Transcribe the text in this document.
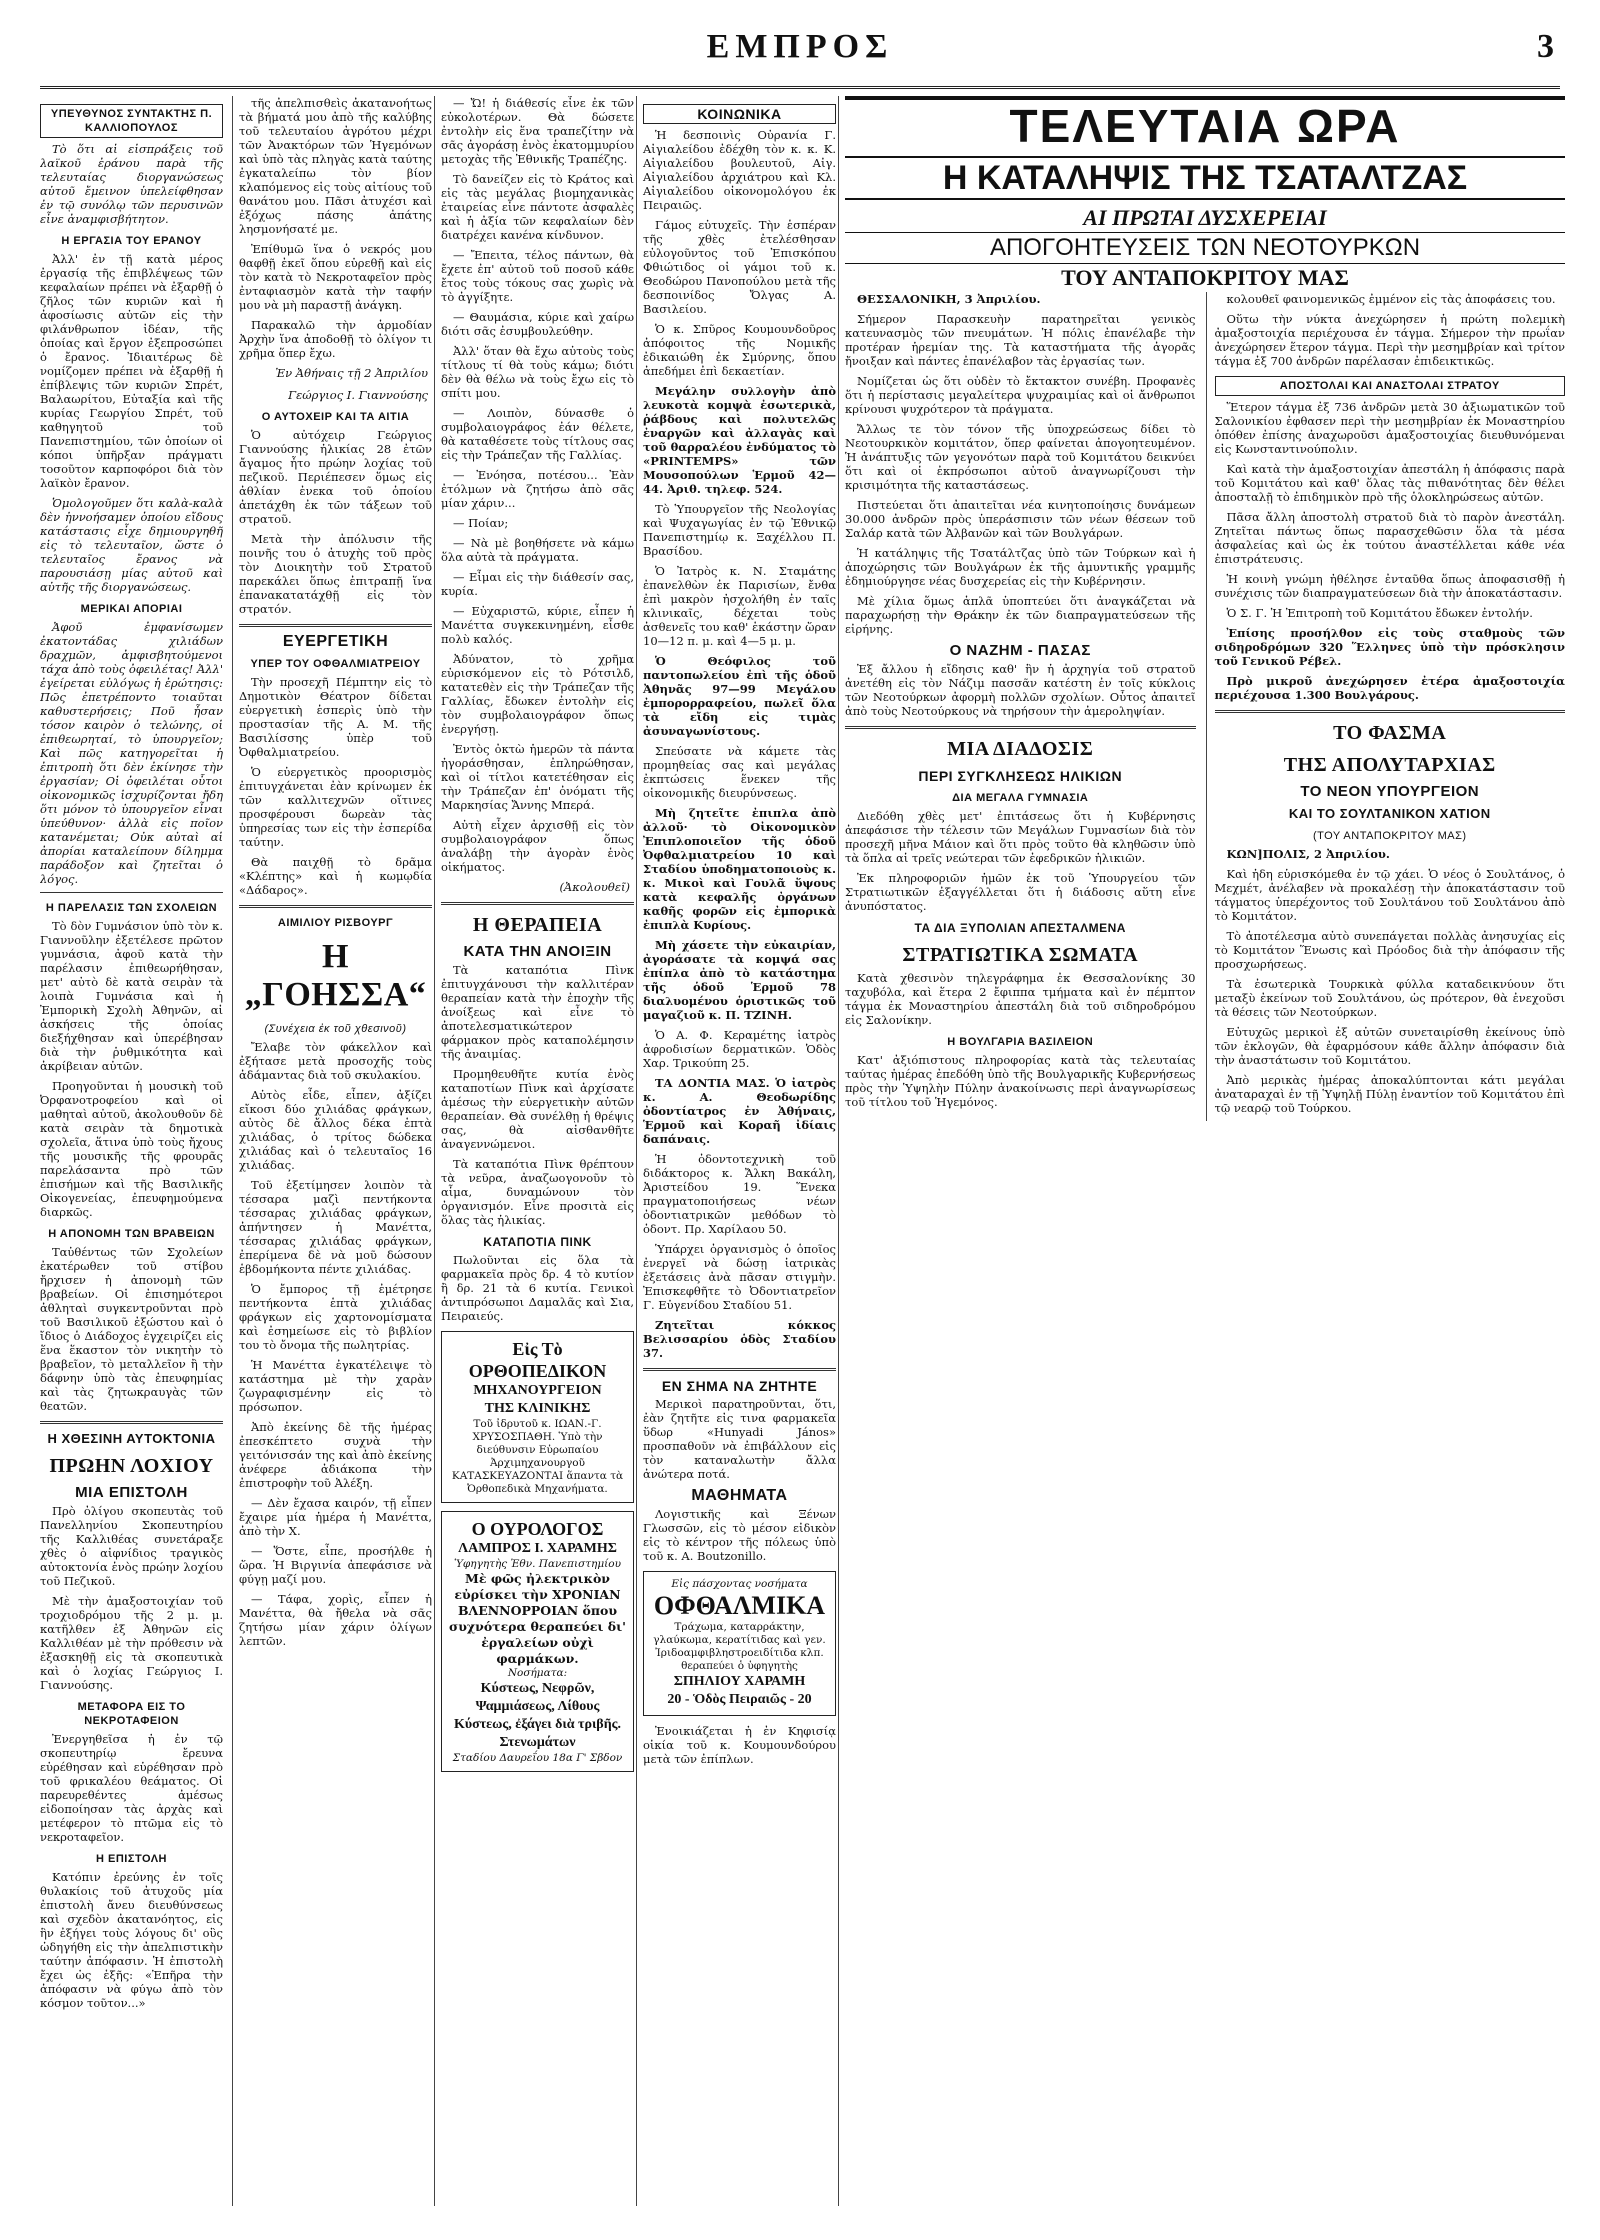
ΕΜΠΡΟΣ	3
ΥΠΕΥΘΥΝΟΣ ΣΥΝΤΑΚΤΗΣ Π. ΚΑΛΛΙΟΠΟΥΛΟΣ

Τὸ ὅτι αἱ εἰσπράξεις τοῦ λαϊκοῦ ἐράνου παρὰ τῆς τελευταίας διοργανώσεως αὐτοῦ ἔμεινον ὑπελείφθησαν ἐν τῷ συνόλῳ τῶν περυσινῶν εἶνε ἀναμφισβήτητον.

Η ΕΡΓΑΣΙΑ ΤΟΥ ΕΡΑΝΟΥ

Ἀλλ' ἐν τῇ κατὰ μέρος ἐργασίᾳ τῆς ἐπιβλέψεως τῶν κεφαλαίων πρέπει νὰ ἐξαρθῇ ὁ ζῆλος τῶν κυριῶν καὶ ἡ ἀφοσίωσις αὐτῶν εἰς τὴν φιλάνθρωπον ἰδέαν, τῆς ὁποίας καὶ ἔργον ἐξεπροσώπει ὁ ἔρανος. Ἰδιαιτέρως δὲ νομίζομεν πρέπει νὰ ἐξαρθῇ ἡ ἐπίβλεψις τῶν κυριῶν Σπρέτ, Βαλαωρίτου, Εὐταξία καὶ τῆς κυρίας Γεωργίου Σπρέτ, τοῦ καθηγητοῦ τοῦ Πανεπιστημίου, τῶν ὁποίων οἱ κόποι ὑπῆρξαν πράγματι τοσοῦτον καρποφόροι διὰ τὸν λαϊκὸν ἔρανον.

Ὁμολογοῦμεν ὅτι καλὰ-καλὰ δὲν ἠννοήσαμεν ὁποίου εἴδους κατάστασις εἶχε δημιουργηθῆ εἰς τὸ τελευταῖον, ὥστε ὁ τελευταῖος ἔρανος νὰ παρουσιάσῃ μίας αὐτοῦ καὶ αὐτῆς τῆς διοργανώσεως.

ΜΕΡΙΚΑΙ ΑΠΟΡΙΑΙ

Ἀφοῦ ἐμφανίσωμεν ἐκατοντάδας χιλιάδων δραχμῶν, ἀμφισβητούμενοι τάχα ἀπὸ τοὺς ὀφειλέτας! Ἀλλ' ἐγείρεται εὐλόγως ἡ ἐρώτησις: Πῶς ἐπετρέποντο τοιαῦται καθυστερήσεις; Ποῦ ἦσαν τόσον καιρὸν ὁ τελώνης, οἱ ἐπιθεωρηταί, τὸ ὑπουργεῖον; Καὶ πῶς κατηγορεῖται ἡ ἐπιτροπὴ ὅτι δὲν ἐκίνησε τὴν ἐργασίαν; Οἱ ὀφειλέται οὗτοι οἰκονομικῶς ἰσχυρίζονται ἤδη ὅτι μόνον τὸ ὑπουργεῖον εἶναι ὑπεύθυνον· ἀλλὰ εἰς ποῖον κατανέμεται; Οὐκ αὐταὶ αἱ ἀπορίαι καταλείπουν δίλημμα παράδοξον καὶ ζητεῖται ὁ λόγος.

Η ΠΑΡΕΛΑΣΙΣ ΤΩΝ ΣΧΟΛΕΙΩΝ

Τὸ δὸν Γυμνάσιον ὑπὸ τὸν κ. Γιαννοῦλην ἐξετέλεσε πρῶτον γυμνάσια, ἀφοῦ κατὰ τὴν παρέλασιν ἐπιθεωρήθησαν, μετ' αὐτὸ δὲ κατὰ σειρὰν τὰ λοιπὰ Γυμνάσια καὶ ἡ Ἐμπορικὴ Σχολὴ Ἀθηνῶν, αἱ ἀσκήσεις τῆς ὁποίας διεξήχθησαν καὶ ὑπερέβησαν διὰ τὴν ῥυθμικότητα καὶ ἀκρίβειαν αὐτῶν.

Προηγοῦνται ἡ μουσικὴ τοῦ Ὀρφανοτροφείου καὶ οἱ μαθηταὶ αὐτοῦ, ἀκολουθοῦν δὲ κατὰ σειρὰν τὰ δημοτικὰ σχολεῖα, ἅτινα ὑπὸ τοὺς ἤχους τῆς μουσικῆς τῆς φρουρᾶς παρελάσαντα πρὸ τῶν ἐπισήμων καὶ τῆς Βασιλικῆς Οἰκογενείας, ἐπευφημούμενα διαρκῶς.

Η ΑΠΟΝΟΜΗ ΤΩΝ ΒΡΑΒΕΙΩΝ

Ταὐθέντως τῶν Σχολείων ἐκατέρωθεν τοῦ στίβου ἤρχισεν ἡ ἀπονομὴ τῶν βραβείων. Οἱ ἐπισημότεροι ἀθληταὶ συγκεντροῦνται πρὸ τοῦ Βασιλικοῦ ἐξώστου καὶ ὁ ἴδιος ὁ Διάδοχος ἐγχειρίζει εἰς ἕνα ἕκαστον τὸν νικητὴν τὸ βραβεῖον, τὸ μεταλλεῖον ἢ τὴν δάφνην ὑπὸ τὰς ἐπευφημίας καὶ τὰς ζητωκραυγὰς τῶν θεατῶν.

Η ΧΘΕΣΙΝΗ ΑΥΤΟΚΤΟΝΙΑ
ΠΡΩΗΝ ΛΟΧΙΟΥ
ΜΙΑ ΕΠΙΣΤΟΛΗ

Πρὸ ὀλίγου σκοπευτὰς τοῦ Πανελληνίου Σκοπευτηρίου τῆς Καλλιθέας συνετάραξε χθὲς ὁ αἰφνίδιος τραγικὸς αὐτοκτονία ἑνὸς πρώην λοχίου τοῦ Πεζικοῦ.

Μὲ τὴν ἀμαξοστοιχίαν τοῦ τροχιοδρόμου τῆς 2 μ. μ. κατῆλθεν ἐξ Ἀθηνῶν εἰς Καλλιθέαν μὲ τὴν πρόθεσιν νὰ ἐξασκηθῇ εἰς τὰ σκοπευτικὰ καὶ ὁ λοχίας Γεώργιος Ι. Γιαννούσης.

ΜΕΤΑΦΟΡΑ ΕΙΣ ΤΟ ΝΕΚΡΟΤΑΦΕΙΟΝ

Ἐνεργηθεῖσα ἡ ἐν τῷ σκοπευτηρίῳ ἔρευνα εὑρέθησαν καὶ εὑρέθησαν πρὸ τοῦ φρικαλέου θεάματος. Οἱ παρευρεθέντες ἀμέσως εἰδοποίησαν τὰς ἀρχὰς καὶ μετέφερον τὸ πτῶμα εἰς τὸ νεκροταφεῖον.

Η ΕΠΙΣΤΟΛΗ

Κατόπιν ἐρεύνης ἐν τοῖς θυλακίοις τοῦ ἀτυχοῦς μία ἐπιστολὴ ἄνευ διευθύνσεως καὶ σχεδὸν ἀκατανόητος, εἰς ἣν ἐξήγει τοὺς λόγους δι' οὓς ὡδηγήθη εἰς τὴν ἀπελπιστικὴν ταύτην ἀπόφασιν. Ἡ ἐπιστολὴ ἔχει ὡς ἑξῆς: «Ἐπῆρα τὴν ἀπόφασιν νὰ φύγω ἀπὸ τὸν κόσμον τοῦτον...»

τῆς ἀπελπισθεὶς ἀκατανοήτως τὰ βήματά μου ἀπὸ τῆς καλύβης τοῦ τελευταίου ἀγρότου μέχρι τῶν Ἀνακτόρων τῶν Ἡγεμόνων καὶ ὑπὸ τὰς πληγὰς κατὰ ταύτης ἐγκαταλείπω τὸν βίον κλαπόμενος εἰς τοὺς αἰτίους τοῦ θανάτου μου. Πᾶσι ἀτυχέσι καὶ ἐξόχως πάσης ἀπάτης λησμονήσατέ με.

Ἐπίθυμῶ ἵνα ὁ νεκρός μου θαφθῇ ἐκεῖ ὅπου εὑρεθῇ καὶ εἰς τὸν κατὰ τὸ Νεκροταφεῖον πρὸς ἐνταφιασμὸν κατὰ τὴν ταφήν μου νὰ μὴ παραστῇ ἀνάγκη.

Παρακαλῶ τὴν ἁρμοδίαν Ἀρχὴν ἵνα ἀποδοθῇ τὸ ὀλίγον τι χρῆμα ὅπερ ἔχω.

Ἐν Ἀθήναις τῇ 2 Ἀπριλίου
Γεώργιος Ι. Γιαννούσης
Ο ΑΥΤΟΧΕΙΡ ΚΑΙ ΤΑ ΑΙΤΙΑ

Ὁ αὐτόχειρ Γεώργιος Γιαννούσης ἠλικίας 28 ἐτῶν ἄγαμος ἦτο πρώην λοχίας τοῦ πεζικοῦ. Περιέπεσεν ὅμως εἰς ἀθλίαν ἐνεκα τοῦ ὁποίου ἀπετάχθη ἐκ τῶν τάξεων τοῦ στρατοῦ.

Μετὰ τὴν ἀπόλυσιν τῆς ποινῆς του ὁ ἀτυχὴς τοῦ πρὸς τὸν Διοικητὴν τοῦ Στρατοῦ παρεκάλει ὅπως ἐπιτραπῇ ἵνα ἐπανακατατάχθῇ εἰς τὸν στρατόν.

ΕΥΕΡΓΕΤΙΚΗ
ΥΠΕΡ ΤΟΥ ΟΦΘΑΛΜΙΑΤΡΕΙΟΥ

Τὴν προσεχῆ Πέμπτην εἰς τὸ Δημοτικὸν Θέατρον δίδεται εὐεργετικὴ ἑσπερὶς ὑπὸ τὴν προστασίαν τῆς Α. Μ. τῆς Βασιλίσσης ὑπὲρ τοῦ Ὀφθαλμιατρείου.

Ὁ εὐεργετικὸς προορισμὸς ἐπιτυγχάνεται ἐὰν κρίνωμεν ἐκ τῶν καλλιτεχνῶν οἵτινες προσφέρουσι δωρεὰν τὰς ὑπηρεσίας των εἰς τὴν ἑσπερίδα ταύτην.

Θὰ παιχθῇ τὸ δρᾶμα «Κλέπτης» καὶ ἡ κωμῳδία «Δάδαρος».

ΑΙΜΙΛΙΟΥ ΡΙΣΒΟΥΡΓ
Η „ΓΟΗΣΣΑ“
(Συνέχεια ἐκ τοῦ χθεσινοῦ)

Ἔλαβε τὸν φάκελλον καὶ ἐξήτασε μετὰ προσοχῆς τοὺς ἀδάμαντας διὰ τοῦ σκυλακίου.

Αὐτὸς εἶδε, εἶπεν, ἀξίζει εἴκοσι δύο χιλιάδας φράγκων, αὐτὸς δὲ ἄλλος δέκα ἑπτὰ χιλιάδας, ὁ τρίτος δώδεκα χιλιάδας καὶ ὁ τελευταῖος 16 χιλιάδας.

Τοῦ ἐξετίμησεν λοιπὸν τὰ τέσσαρα μαζὶ πεντήκοντα τέσσαρας χιλιάδας φράγκων, ἀπήντησεν ἡ Μανέττα, τέσσαρας χιλιάδας φράγκων, ἐπερίμενα δὲ νὰ μοῦ δώσουν ἑβδομήκοντα πέντε χιλιάδας.

Ὁ ἔμπορος τῇ ἐμέτρησε πεντήκοντα ἑπτὰ χιλιάδας φράγκων εἰς χαρτονομίσματα καὶ ἐσημείωσε εἰς τὸ βιβλίον του τὸ ὄνομα τῆς πωλητρίας.

Ἡ Μανέττα ἐγκατέλειψε τὸ κατάστημα μὲ τὴν χαρὰν ζωγραφισμένην εἰς τὸ πρόσωπον.

Ἀπὸ ἐκείνης δὲ τῆς ἡμέρας ἐπεσκέπτετο συχνὰ τὴν γειτόνισσάν της καὶ ἀπὸ ἐκείνης ἀνέφερε ἀδιάκοπα τὴν ἐπιστροφὴν τοῦ Ἀλέξη.

— Δὲν ἔχασα καιρόν, τῇ εἶπεν ἔχαιρε μία ἡμέρα ἡ Μανέττα, ἀπὸ τὴν Χ.

— Ὅστε, εἶπε, προσήλθε ἡ ὥρα. Ἡ Βιργινία ἀπεφάσισε νὰ φύγῃ μαζί μου.

— Τάφα, χορὶς, εἶπεν ἡ Μανέττα, θὰ ἤθελα νὰ σᾶς ζητήσω μίαν χάριν ὁλίγων λεπτῶν.

— Ὤ! ἡ διάθεσίς εἶνε ἐκ τῶν εὐκολοτέρων. Θὰ δώσετε ἐντολὴν εἰς ἕνα τραπεζίτην νὰ σᾶς ἀγοράσῃ ἑνὸς ἑκατομμυρίου μετοχὰς τῆς Ἐθνικῆς Τραπέζης.

Τὸ δανείζεν εἰς τὸ Κράτος καὶ εἰς τὰς μεγάλας βιομηχανικὰς ἐταιρείας εἶνε πάντοτε ἀσφαλὲς καὶ ἡ ἀξία τῶν κεφαλαίων δὲν διατρέχει κανένα κίνδυνον.

— Ἔπειτα, τέλος πάντων, θὰ ἔχετε ἐπ' αὐτοῦ τοῦ ποσοῦ κάθε ἔτος τοὺς τόκους σας χωρὶς νὰ τὸ ἀγγίξητε.

— Θαυμάσια, κύριε καὶ χαίρω διότι σᾶς ἐσυμβουλεύθην.

Ἀλλ' ὅταν θὰ ἔχω αὐτοὺς τοὺς τίτλους τί θὰ τοὺς κάμω; διότι δὲν θὰ θέλω νὰ τοὺς ἔχω εἰς τὸ σπίτι μου.

— Λοιπὸν, δύνασθε ὁ συμβολαιογράφος ἐάν θέλετε, θὰ καταθέσετε τοὺς τίτλους σας εἰς τὴν Τράπεζαν τῆς Γαλλίας.

— Ἐνόησα, ποτέσου... Ἐὰν ἐτόλμων νὰ ζητήσω ἀπὸ σᾶς μίαν χάριν...

— Ποίαν;

— Νὰ μὲ βοηθήσετε νὰ κάμω ὅλα αὐτὰ τὰ πράγματα.

— Εἶμαι εἰς τὴν διάθεσίν σας, κυρία.

— Εὐχαριστῶ, κύριε, εἶπεν ἡ Μανέττα συγκεκινημένη, εἶσθε πολὺ καλός.

Ἀδύνατον, τὸ χρῆμα εὑρισκόμενον εἰς τὸ Ρότσιλδ, κατατεθὲν εἰς τὴν Τράπεζαν τῆς Γαλλίας, ἔδωκεν ἐντολὴν εἰς τὸν συμβολαιογράφον ὅπως ἐνεργήσῃ.

Ἐντὸς ὀκτὼ ἡμερῶν τὰ πάντα ἠγοράσθησαν, ἐπληρώθησαν, καὶ οἱ τίτλοι κατετέθησαν εἰς τὴν Τράπεζαν ἐπ' ὀνόματι τῆς Μαρκησίας Ἄννης Μπερά.

Αὐτὴ εἶχεν ἀρχισθῇ εἰς τὸν συμβολαιογράφον ὅπως ἀναλάβῃ τὴν ἀγορὰν ἑνὸς οἰκήματος.

(Ἀκολουθεῖ)
Η ΘΕΡΑΠΕΙΑ
ΚΑΤΑ ΤΗΝ ΑΝΟΙΞΙΝ

Τὰ καταπότια Πὶνκ ἐπιτυγχάνουσι τὴν καλλιτέραν θεραπείαν κατὰ τὴν ἐποχὴν τῆς ἀνοίξεως καὶ εἶνε τὸ ἀποτελεσματικώτερον φάρμακον πρὸς καταπολέμησιν τῆς ἀναιμίας.

Προμηθευθῆτε κυτία ἐνὸς καταποτίων Πὶνκ καὶ ἀρχίσατε ἀμέσως τὴν εὐεργετικὴν αὐτῶν θεραπείαν. Θὰ συνέλθῃ ἡ θρέψις σας, θὰ αἰσθανθῆτε ἀναγεννώμενοι.

Τὰ καταπότια Πὶνκ θρέπτουν τὰ νεῦρα, ἀναζωογονοῦν τὸ αἷμα, δυναμώνουν τὸν ὀργανισμόν. Εἶνε προσιτὰ εἰς ὅλας τὰς ἡλικίας.

ΚΑΤΑΠΟΤΙΑ ΠΙΝΚ

Πωλοῦνται εἰς ὅλα τὰ φαρμακεῖα πρὸς δρ. 4 τὸ κυτίον ἢ δρ. 21 τὰ 6 κυτία. Γενικοὶ ἀντιπρόσωποι Δαμαλᾶς καὶ Σια, Πειραιεύς.

Εἰς Τὸ
ΟΡΘΟΠΕΔΙΚΟΝ
ΜΗΧΑΝΟΥΡΓΕΙΟΝ
ΤΗΣ ΚΛΙΝΙΚΗΣ
Τοῦ ἰδρυτοῦ κ. ΙΩΑΝ.-Γ. ΧΡΥΣΟΣΠΑΘΗ. Ὑπὸ τὴν διεύθυνσιν Εὐρωπαίου Ἀρχιμηχανουργοῦ ΚΑΤΑΣΚΕΥΑΖΟΝΤΑΙ ἅπαντα τὰ Ὀρθοπεδικὰ Μηχανήματα.
Ο ΟΥΡΟΛΟΓΟΣ
ΛΑΜΠΡΟΣ Ι. ΧΑΡΑΜΗΣ
Ὑφηγητὴς Ἐθν. Πανεπιστημίου
Μὲ φῶς ἠλεκτρικὸν εὐρίσκει τὴν ΧΡΟΝΙΑΝ ΒΛΕΝΝΟΡΡΟΙΑΝ ὅπου συχνότερα θεραπεύει δι' ἐργαλείων οὐχὶ φαρμάκων.
Νοσήματα:
Κύστεως, Νεφρῶν, Ψαμμιάσεως, Λίθους Κύστεως, ἐξάγει διὰ τριβῆς. Στενωμάτων
Σταδίου Δαυρεΐου 18α Γ' Σβδον
ΚΟΙΝΩΝΙΚΑ

Ἡ δεσποινὶς Οὐρανία Γ. Αἰγιαλείδου ἐδέχθη τὸν κ. κ. Κ. Αἰγιαλείδου βουλευτοῦ, Αἰγ. Αἰγιαλείδου ἀρχιάτρου καὶ Κλ. Αἰγιαλείδου οἰκονομολόγου ἐκ Πειραιῶς.

Γάμος εὐτυχεῖς. Τὴν ἑσπέραν τῆς χθὲς ἐτελέσθησαν εὐλογοῦντος τοῦ Ἐπισκόπου Φθιώτιδος οἱ γάμοι τοῦ κ. Θεοδώρου Πανοπούλου μετὰ τῆς δεσποινίδος Ὄλγας Α. Βασιλείου.

Ὁ κ. Σπῦρος Κουμουνδοῦρος ἀπόφοιτος τῆς Νομικῆς ἐδικαιώθη ἐκ Σμύρνης, ὅπου ἀπεδήμει ἐπὶ δεκαετίαν.

Μεγάλην συλλογὴν ἀπὸ λευκοτὰ κομψὰ ἐσωτερικὰ, ῥάβδους καὶ πολυτελῶς ἐναργῶν καὶ ἀλλαγὰς καὶ τοῦ θαρραλέου ἐνδύματος τὸ «PRINTEMPS» τῶν Μουσοπούλων Ἑρμοῦ 42—44. Ἀριθ. τηλεφ. 524.

Τὸ Ὑπουργεῖον τῆς Νεολογίας καὶ Ψυχαγωγίας ἐν τῷ Ἐθνικῷ Πανεπιστημίῳ κ. Ξαχέλλου Π. Βρασίδου.

Ὁ Ἰατρὸς κ. Ν. Σταμάτης ἐπανελθὼν ἐκ Παρισίων, ἔνθα ἐπὶ μακρὸν ἠσχολήθη ἐν ταῖς κλινικαῖς, δέχεται τοὺς ἀσθενεῖς του καθ' ἑκάστην ὥραν 10—12 π. μ. καὶ 4—5 μ. μ.

Ὁ Θεόφιλος τοῦ παντοπωλείου ἐπὶ τῆς ὁδοῦ Ἀθηνᾶς 97—99 Μεγάλου ἐμπορορραφείου, πωλεῖ ὅλα τὰ εἴδη εἰς τιμὰς ἀσυναγωνίστους.

Σπεύσατε νὰ κάμετε τὰς προμηθείας σας καὶ μεγάλας ἐκπτώσεις ἕνεκεν τῆς οἰκονομικῆς διευρύνσεως.

Μὴ ζητεῖτε ἐπιπλα ἀπὸ ἀλλοῦ· τὸ Οἰκονομικὸν Ἐπιπλοποιεῖον τῆς ὁδοῦ Ὀφθαλμιατρείου 10 καὶ Σταδίου ὑποδηματοποιοὺς κ. κ. Μικοὶ καὶ Γουλᾶ ὕψους κατὰ κεφαλῆς ὀργάνων καθῆς φορῶν εἰς ἐμπορικὰ ἐπιπλὰ Κυρίους.

Μὴ χάσετε τὴν εὐκαιρίαν, ἀγοράσατε τὰ κομψά σας ἐπίπλα ἀπὸ τὸ κατάστημα τῆς ὁδοῦ Ἑρμοῦ 78 διαλυομένου ὁριστικῶς τοῦ μαγαζιοῦ κ. Π. ΤΖΙΝΗ.

Ὁ Α. Φ. Κεραμέτης ἰατρὸς ἀφροδισίων δερματικῶν. Ὁδὸς Χαρ. Τρικούπη 25.

ΤΑ ΔΟΝΤΙΑ ΜΑΣ. Ὁ ἰατρὸς κ. Α. Θεοδωρίδης ὀδοντίατρος ἐν Ἀθήναις, Ἑρμοῦ καὶ Κοραῆ ἰδίαις δαπάναις.

Ἡ ὀδοντοτεχνικὴ τοῦ διδάκτορος κ. Ἄλκη Βακάλη, Ἀριστείδου 19. Ἕνεκα πραγματοποιήσεως νέων ὀδοντιατρικῶν μεθόδων τὸ ὁδοντ. Πρ. Χαρίλαου 50.

Ὑπάρχει ὀργανισμὸς ὁ ὁποῖος ἐνεργεῖ νὰ δώσῃ ἰατρικὰς ἐξετάσεις ἀνὰ πᾶσαν στιγμὴν. Ἐπισκεφθῆτε τὸ Ὀδοντιατρεῖον Γ. Εὐγενίδου Σταδίου 51.

Ζητεῖται κόκκος Βελισσαρίου ὁδὸς Σταδίου 37.

ΕΝ ΣΗΜΑ ΝΑ ΖΗΤΗΤΕ

Μερικοὶ παρατηροῦνται, ὅτι, ἐὰν ζητῆτε εἰς τινα φαρμακεῖα ὕδωρ «Hunyadi János» προσπαθοῦν νὰ ἐπιβάλλουν εἰς τὸν καταναλωτὴν ἄλλα ἀνώτερα ποτά.

ΜΑΘΗΜΑΤΑ

Λογιστικῆς καὶ Ξένων Γλωσσῶν, εἰς τὸ μέσον εἰδικὸν εἰς τὸ κέντρον τῆς πόλεως ὑπὸ τοῦ κ. Α. Boutzonillo.

Εἰς πάσχοντας νοσήματα
ΟΦΘΑΛΜΙΚΑ
Τράχωμα, καταρράκτην, γλαύκωμα, κερατίτιδας καὶ γεν. Ἰριδοαμφιβληστροειδίτιδα κλπ. θεραπεύει ὁ ὑφηγητὴς
ΣΠΗΛΙΟΥ ΧΑΡΑΜΗ
20 - Ὁδὸς Πειραιῶς - 20

Ἐνοικιάζεται ἡ ἐν Κηφισίᾳ οἰκία τοῦ κ. Κουμουνδούρου μετὰ τῶν ἐπίπλων.

ΤΕΛΕΥΤΑΙΑ ΩΡΑ
Η ΚΑΤΑΛΗΨΙΣ ΤΗΣ ΤΣΑΤΑΛΤΖΑΣ
ΑΙ ΠΡΩΤΑΙ ΔΥΣΧΕΡΕΙΑΙ
ΑΠΟΓΟΗΤΕΥΣΕΙΣ ΤΩΝ ΝΕΟΤΟΥΡΚΩΝ
ΤΟΥ ΑΝΤΑΠΟΚΡΙΤΟΥ ΜΑΣ

ΘΕΣΣΑΛΟΝΙΚΗ, 3 Ἀπριλίου.

Σήμερον Παρασκευὴν παρατηρεῖται γενικὸς κατευνασμὸς τῶν πνευμάτων. Ἡ πόλις ἐπανέλαβε τὴν προτέραν ἡρεμίαν της. Τὰ καταστήματα τῆς ἀγορᾶς ἤνοιξαν καὶ πάντες ἐπανέλαβον τὰς ἐργασίας των.

Νομίζεται ὡς ὅτι οὐδὲν τὸ ἔκτακτον συνέβη. Προφανὲς ὅτι ἡ περίστασις μεγαλείτερα ψυχραιμίας καὶ οἱ ἄνθρωποι κρίνουσι ψυχρότερον τὰ πράγματα.

Ἄλλως τε τὸν τόνον τῆς ὑποχρεώσεως δίδει τὸ Νεοτουρκικὸν κομιτάτον, ὅπερ φαίνεται ἀπογοητευμένον. Ἡ ἀνάπτυξις τῶν γεγονότων παρὰ τοῦ Κομιτάτου δεικνύει ὅτι καὶ οἱ ἐκπρόσωποι αὐτοῦ ἀναγνωρίζουσι τὴν κρισιμότητα τῆς καταστάσεως.

Πιστεύεται ὅτι ἀπαιτεῖται νέα κινητοποίησις δυνάμεων 30.000 ἀνδρῶν πρὸς ὑπεράσπισιν τῶν νέων θέσεων τοῦ Σαλάρ κατὰ τῶν Ἀλβανῶν καὶ τῶν Βουλγάρων.

Ἡ κατάληψις τῆς Τσατάλτζας ὑπὸ τῶν Τούρκων καὶ ἡ ἀποχώρησις τῶν Βουλγάρων ἐκ τῆς ἀμυντικῆς γραμμῆς ἐδημιούργησε νέας δυσχερείας εἰς τὴν Κυβέρνησιν.

Μὲ χίλια ὅμως ἁπλᾶ ὑποπτεύει ὅτι ἀναγκάζεται νὰ παραχωρήσῃ τὴν Θράκην ἐκ τῶν διαπραγματεύσεων τῆς εἰρήνης.

Ο ΝΑΖΗΜ - ΠΑΣΑΣ

Ἐξ ἄλλου ἡ εἴδησις καθ' ἣν ἡ ἀρχηγία τοῦ στρατοῦ ἀνετέθη εἰς τὸν Νάζιμ πασσᾶν κατέστη ἐν τοῖς κύκλοις τῶν Νεοτούρκων ἀφορμὴ πολλῶν σχολίων. Οὗτος ἀπαιτεῖ ἀπὸ τοὺς Νεοτούρκους νὰ τηρήσουν τὴν ἀμεροληψίαν.

ΜΙΑ ΔΙΑΔΟΣΙΣ
ΠΕΡΙ ΣΥΓΚΛΗΣΕΩΣ ΗΛΙΚΙΩΝ
ΔΙΑ ΜΕΓΑΛΑ ΓΥΜΝΑΣΙΑ

Διεδόθη χθὲς μετ' ἐπιτάσεως ὅτι ἡ Κυβέρνησις ἀπεφάσισε τὴν τέλεσιν τῶν Μεγάλων Γυμνασίων διὰ τὸν προσεχῆ μῆνα Μάιον καὶ ὅτι πρὸς τοῦτο θὰ κληθῶσιν ὑπὸ τὰ ὅπλα αἱ τρεῖς νεώτεραι τῶν ἐφεδρικῶν ἡλικιῶν.

Ἐκ πληροφοριῶν ἡμῶν ἐκ τοῦ Ὑπουργείου τῶν Στρατιωτικῶν ἐξαγγέλλεται ὅτι ἡ διάδοσις αὕτη εἶνε ἀνυπόστατος.

ΤΑ ΔΙΑ ΞΥΠΟΛΙΑΝ ΑΠΕΣΤΑΛΜΕΝΑ
ΣΤΡΑΤΙΩΤΙΚΑ ΣΩΜΑΤΑ

Κατὰ χθεσινὸν τηλεγράφημα ἐκ Θεσσαλονίκης 30 ταχυβόλα, καὶ ἕτερα 2 ἔφιππα τμήματα καὶ ἐν πέμπτον τάγμα ἐκ Μοναστηρίου ἀπεστάλη διὰ τοῦ σιδηροδρόμου εἰς Σαλονίκην.

Η ΒΟΥΛΓΑΡΙΑ ΒΑΣΙΛΕΙΟΝ

Κατ' ἀξιόπιστους πληροφορίας κατὰ τὰς τελευταίας ταύτας ἡμέρας ἐπεδόθη ὑπὸ τῆς Βουλγαρικῆς Κυβερνήσεως πρὸς τὴν Ὑψηλὴν Πύλην ἀνακοίνωσις περὶ ἀναγνωρίσεως τοῦ τίτλου τοῦ Ἡγεμόνος.

κολουθεῖ φαινομενικῶς ἐμμένον εἰς τὰς ἀποφάσεις του.

Οὕτω τὴν νύκτα ἀνεχώρησεν ἡ πρώτη πολεμικὴ ἀμαξοστοιχία περιέχουσα ἐν τάγμα. Σήμερον τὴν πρωΐαν ἀνεχώρησεν ἕτερον τάγμα. Περὶ τὴν μεσημβρίαν καὶ τρίτον τάγμα ἐξ 700 ἀνδρῶν παρέλασαν ἐπιδεικτικῶς.

ΑΠΟΣΤΟΛΑΙ ΚΑΙ ΑΝΑΣΤΟΛΑΙ ΣΤΡΑΤΟΥ

Ἕτερον τάγμα ἐξ 736 ἀνδρῶν μετὰ 30 ἀξιωματικῶν τοῦ Σαλονικίου ἐφθασεν περὶ τὴν μεσημβρίαν ἐκ Μοναστηρίου ὁπόθεν ἐπίσης ἀναχωροῦσι ἀμαξοστοιχίας διευθυνόμεναι εἰς Κωνσταντινούπολιν.

Καὶ κατὰ τὴν ἀμαξοστοιχίαν ἀπεστάλη ἡ ἀπόφασις παρὰ τοῦ Κομιτάτου καὶ καθ' ὅλας τὰς πιθανότητας δὲν θέλει ἀποσταλῇ τὸ ἐπιδημικὸν πρὸ τῆς ὁλοκληρώσεως αὐτῶν.

Πᾶσα ἄλλη ἀποστολὴ στρατοῦ διὰ τὸ παρὸν ἀνεστάλη. Ζητεῖται πάντως ὅπως παρασχεθῶσιν ὅλα τὰ μέσα ἀσφαλείας καὶ ὡς ἐκ τούτου ἀναστέλλεται κάθε νέα ἐπιστράτευσις.

Ἡ κοινὴ γνώμη ἠθέλησε ἐνταῦθα ὅπως ἀποφασισθῇ ἡ συνέχισις τῶν διαπραγματεύσεων διὰ τὴν ἀποκατάστασιν.

Ὁ Σ. Γ. Ἡ Ἐπιτροπὴ τοῦ Κομιτάτου ἔδωκεν ἐντολήν.

Ἐπίσης προσήλθον εἰς τοὺς σταθμοὺς τῶν σιδηροδρόμων 320 Ἕλληνες ὑπὸ τὴν πρόσκλησιν τοῦ Γενικοῦ Ρέβελ.

Πρὸ μικροῦ ἀνεχώρησεν ἐτέρα ἀμαξοστοιχία περιέχουσα 1.300 Βουλγάρους.

ΤΟ ΦΑΣΜΑ
ΤΗΣ ΑΠΟΛΥΤΑΡΧΙΑΣ
ΤΟ ΝΕΟΝ ΥΠΟΥΡΓΕΙΟΝ
ΚΑΙ ΤΟ ΣΟΥΛΤΑΝΙΚΟΝ ΧΑΤΙΟΝ
(ΤΟΥ ΑΝΤΑΠΟΚΡΙΤΟΥ ΜΑΣ)

ΚΩΝ]ΠΟΛΙΣ, 2 Ἀπριλίου.

Καὶ ἡδη εὑρισκόμεθα ἐν τῷ χάει. Ὁ νέος ὁ Σουλτάνος, ὁ Μεχμέτ, ἀνέλαβεν νὰ προκαλέσῃ τὴν ἀποκατάστασιν τοῦ τάγματος ὑπερέχοντος τοῦ Σουλτάνου τοῦ Σουλτάνου ἀπὸ τὸ Κομιτάτον.

Τὸ ἀποτέλεσμα αὐτὸ συνεπάγεται πολλὰς ἀνησυχίας εἰς τὸ Κομιτάτον Ἕνωσις καὶ Πρόοδος διὰ τὴν ἀπόφασιν τῆς προσχωρήσεως.

Τὰ ἐσωτερικὰ Τουρκικὰ φύλλα καταδεικνύουν ὅτι μεταξὺ ἐκείνων τοῦ Σουλτάνου, ὡς πρότερον, θὰ ἐνεχοῦσι τὰ θέσεις τῶν Νεοτούρκων.

Εὐτυχῶς μερικοὶ ἐξ αὐτῶν συνεταιρίσθη ἐκείνους ὑπὸ τῶν ἐκλογῶν, θὰ ἐφαρμόσουν κάθε ἄλλην ἀπόφασιν διὰ τὴν ἀναστάτωσιν τοῦ Κομιτάτου.

Ἀπὸ μερικὰς ἡμέρας ἀποκαλύπτονται κάτι μεγάλαι ἀναταραχαὶ ἐν τῇ Ὑψηλῇ Πύλῃ ἐναντίον τοῦ Κομιτάτου ἐπὶ τῷ νεαρῷ τοῦ Τούρκου.
